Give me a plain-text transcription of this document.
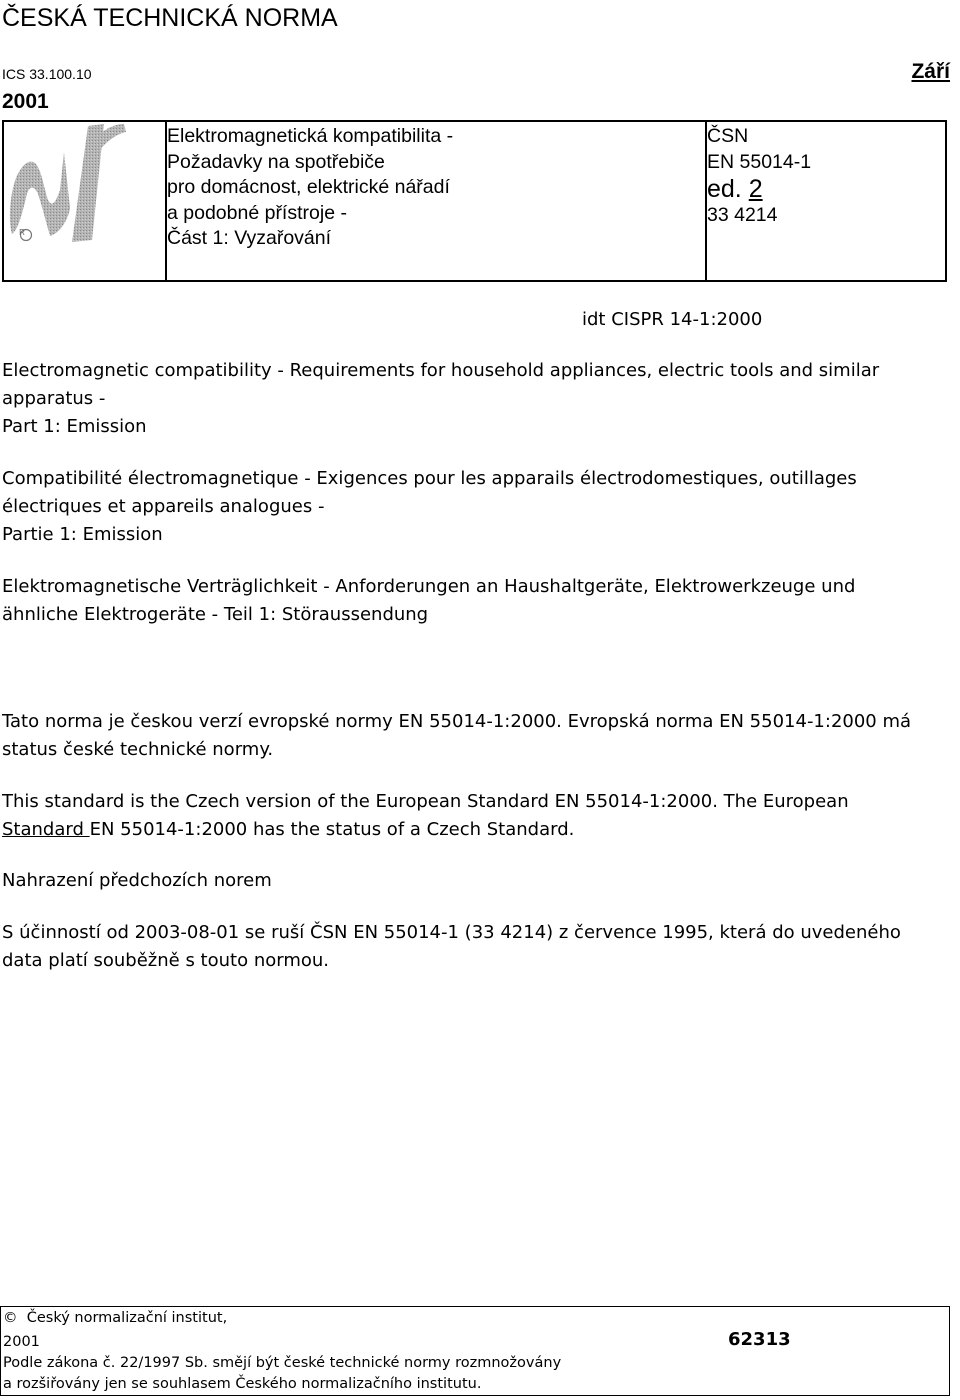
ČESKÁ TECHNICKÁ NORMA
ICS 33.100.10	Září
2001
R
Elektromagnetická kompatibilita -
Požadavky na spotřebiče
pro domácnost, elektrické nářadí
a podobné přístroje -
Část 1: Vyzařování
ČSN
EN 55014-1
ed. 2
33 4214
idt CISPR 14-1:2000
Electromagnetic compatibility - Requirements for household appliances, electric tools and similar
apparatus -
Part 1: Emission
Compatibilité électromagnetique - Exigences pour les apparails électrodomestiques, outillages
électriques et appareils analogues -
Partie 1: Emission
Elektromagnetische Verträglichkeit - Anforderungen an Haushaltgeräte, Elektrowerkzeuge und
ähnliche Elektrogeräte - Teil 1: Störaussendung
Tato norma je českou verzí evropské normy EN 55014-1:2000. Evropská norma EN 55014-1:2000 má
status české technické normy.
This standard is the Czech version of the European Standard EN 55014-1:2000. The European
Standard EN 55014-1:2000 has the status of a Czech Standard.
Nahrazení předchozích norem
S účinností od 2003-08-01 se ruší ČSN EN 55014-1 (33 4214) z července 1995, která do uvedeného
data platí souběžně s touto normou.
© Český normalizační institut,
2001	62313
Podle zákona č. 22/1997 Sb. smějí být české technické normy rozmnožovány
a rozšiřovány jen se souhlasem Českého normalizačního institutu.
